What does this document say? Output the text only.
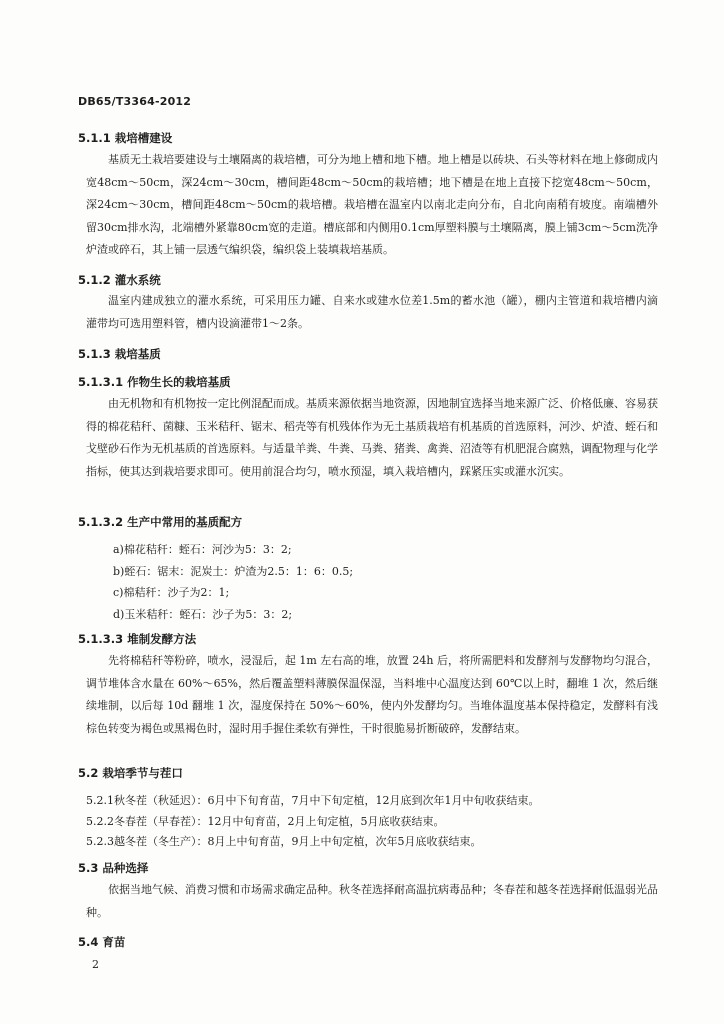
DB65/T3364-2012
5.1.1 栽培槽建设
基质无土栽培要建设与土壤隔离的栽培槽，可分为地上槽和地下槽。地上槽是以砖块、石头等材料在地上修砌成内宽48cm～50cm，深24cm～30cm，槽间距48cm～50cm的栽培槽；地下槽是在地上直接下挖宽48cm～50cm，深24cm～30cm，槽间距48cm～50cm的栽培槽。栽培槽在温室内以南北走向分布，自北向南稍有坡度。南端槽外留30cm排水沟，北端槽外紧靠80cm宽的走道。槽底部和内侧用0.1cm厚塑料膜与土壤隔离，膜上铺3cm～5cm洗净炉渣或碎石，其上铺一层透气编织袋，编织袋上装填栽培基质。
5.1.2 灌水系统
温室内建成独立的灌水系统，可采用压力罐、自来水或建水位差1.5m的蓄水池（罐），棚内主管道和栽培槽内滴灌带均可选用塑料管，槽内设滴灌带1～2条。
5.1.3 栽培基质
5.1.3.1 作物生长的栽培基质
由无机物和有机物按一定比例混配而成。基质来源依据当地资源，因地制宜选择当地来源广泛、价格低廉、容易获得的棉花秸秆、菌糠、玉米秸秆、锯末、稻壳等有机残体作为无土基质栽培有机基质的首选原料，河沙、炉渣、蛭石和戈壁砂石作为无机基质的首选原料。与适量羊粪、牛粪、马粪、猪粪、禽粪、沼渣等有机肥混合腐熟，调配物理与化学指标，使其达到栽培要求即可。使用前混合均匀，喷水预湿，填入栽培槽内，踩紧压实或灌水沉实。
5.1.3.2 生产中常用的基质配方
a)棉花秸秆：蛭石：河沙为5：3：2;
b)蛭石：锯末：泥炭土：炉渣为2.5：1：6：0.5;
c)棉秸秆：沙子为2：1;
d)玉米秸秆：蛭石：沙子为5：3：2;
5.1.3.3 堆制发酵方法
先将棉秸秆等粉碎，喷水，浸湿后，起 1m 左右高的堆，放置 24h 后，将所需肥料和发酵剂与发酵物均匀混合，调节堆体含水量在 60%～65%，然后覆盖塑料薄膜保温保湿，当料堆中心温度达到 60℃以上时，翻堆 1 次，然后继续堆制，以后每 10d 翻堆 1 次，湿度保持在 50%～60%，使内外发酵均匀。当堆体温度基本保持稳定，发酵料有浅棕色转变为褐色或黑褐色时，湿时用手握住柔软有弹性，干时很脆易折断破碎，发酵结束。
5.2 栽培季节与茬口
5.2.1秋冬茬（秋延迟）：6月中下旬育苗，7月中下旬定植，12月底到次年1月中旬收获结束。
5.2.2冬春茬（早春茬）：12月中旬育苗，2月上旬定植，5月底收获结束。
5.2.3越冬茬（冬生产）：8月上中旬育苗，9月上中旬定植，次年5月底收获结束。
5.3 品种选择
依据当地气候、消费习惯和市场需求确定品种。秋冬茬选择耐高温抗病毒品种；冬春茬和越冬茬选择耐低温弱光品种。
5.4 育苗
2
